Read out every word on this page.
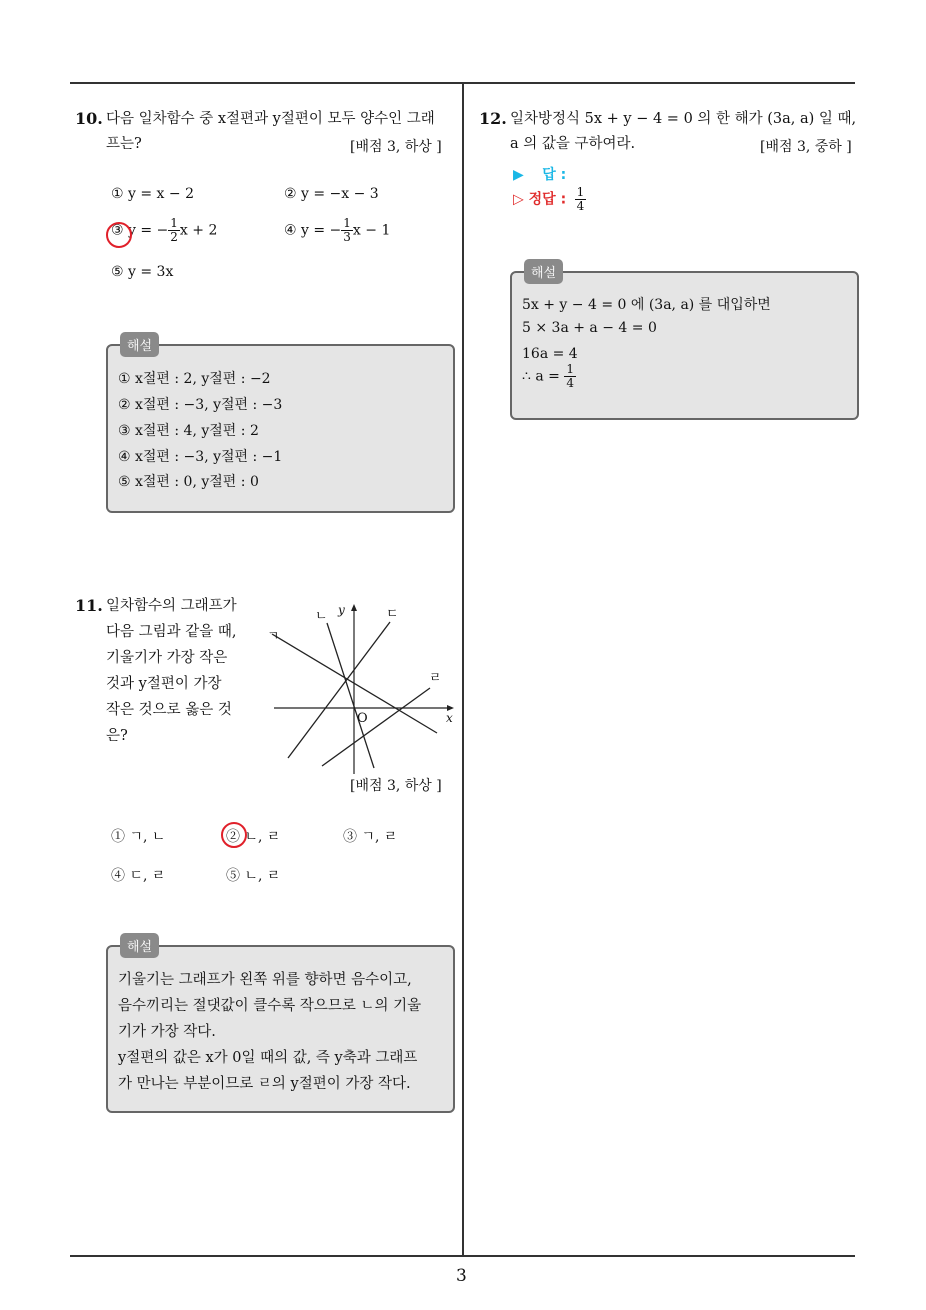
10. 다음 일차함수 중 x절편과 y절편이 모두 양수인 그래
프는?	[배점 3, 하상 ]
① y = x − 2	② y = −x − 3
③ y = − $\frac{1}{2}$ x + 2	④ y = − $\frac{1}{3}$ x − 1
⑤ y = 3x
해설
① x절편 : 2, y절편 : −2
② x절편 : −3, y절편 : −3
③ x절편 : 4, y절편 : 2
④ x절편 : −3, y절편 : −1
⑤ x절편 : 0, y절편 : 0
11. 일차함수의 그래프가
다음 그림과 같을 때,
기울기가 가장 작은
것과 y절편이 가장
작은 것으로 옳은 것
은?
ㄱ
ㄴ	ㄷ
ㄹ
y
x
O
[배점 3, 하상 ]
① ㄱ, ㄴ	② ㄴ, ㄹ	③ ㄱ, ㄹ
④ ㄷ, ㄹ	⑤ ㄴ, ㄹ
해설
기울기는 그래프가 왼쪽 위를 향하면 음수이고,
음수끼리는 절댓값이 클수록 작으므로 ㄴ의 기울
기가 가장 작다.
y절편의 값은 x가 0일 때의 값, 즉 y축과 그래프
가 만나는 부분이므로 ㄹ의 y절편이 가장 작다.
12. 일차방정식 5x + y − 4 = 0 의 한 해가 (3a, a) 일 때,
a 의 값을 구하여라.	[배점 3, 중하 ]
▶ 답 :
▷ 정답 : $\frac{1}{4}$
해설
5x + y − 4 = 0 에 (3a, a) 를 대입하면
5 × 3a + a − 4 = 0
16a = 4
∴ $a = \frac{1}{4}$
3
